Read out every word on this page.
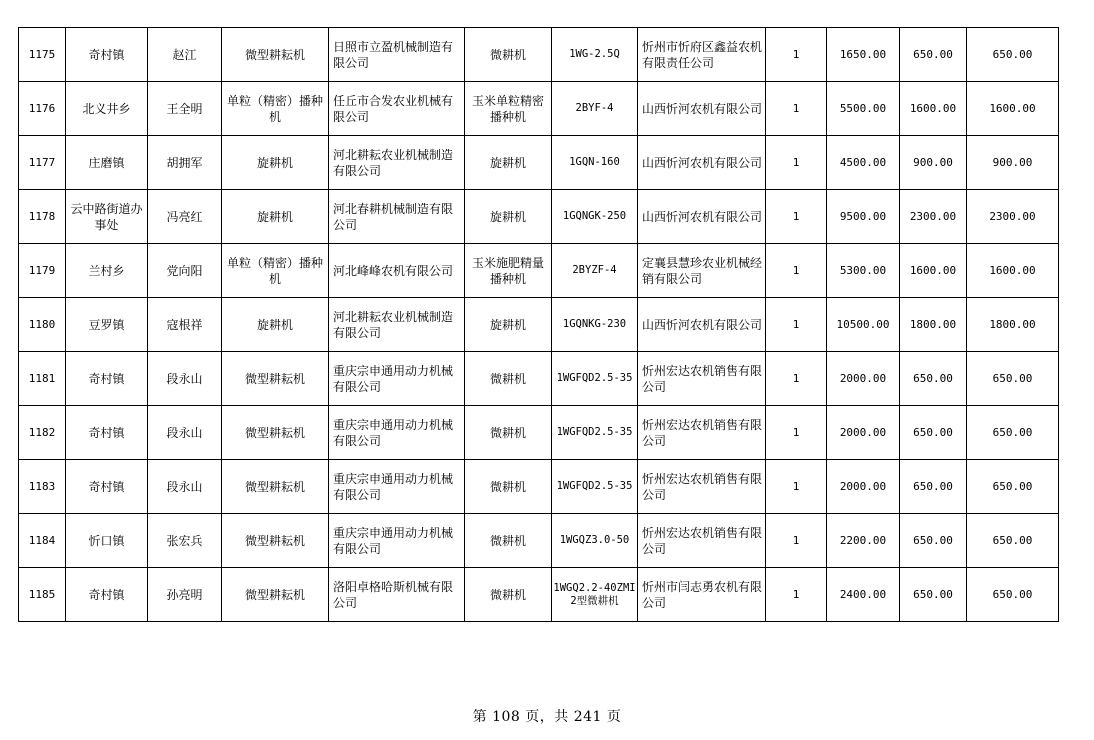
1175	奇村镇	赵江	微型耕耘机	日照市立盈机械制造有限公司	微耕机	1WG-2.5Q	忻州市忻府区鑫益农机有限责任公司	1	1650.00	650.00	650.00
1176	北义井乡	王全明	单粒（精密）播种机	任丘市合发农业机械有限公司	玉米单粒精密播种机	2BYF-4	山西忻河农机有限公司	1	5500.00	1600.00	1600.00
1177	庄磨镇	胡拥军	旋耕机	河北耕耘农业机械制造有限公司	旋耕机	1GQN-160	山西忻河农机有限公司	1	4500.00	900.00	900.00
1178	云中路街道办事处	冯亮红	旋耕机	河北春耕机械制造有限公司	旋耕机	1GQNGK-250	山西忻河农机有限公司	1	9500.00	2300.00	2300.00
1179	兰村乡	党向阳	单粒（精密）播种机	河北峰峰农机有限公司	玉米施肥精量播种机	2BYZF-4	定襄县慧珍农业机械经销有限公司	1	5300.00	1600.00	1600.00
1180	豆罗镇	寇根祥	旋耕机	河北耕耘农业机械制造有限公司	旋耕机	1GQNKG-230	山西忻河农机有限公司	1	10500.00	1800.00	1800.00
1181	奇村镇	段永山	微型耕耘机	重庆宗申通用动力机械有限公司	微耕机	1WGFQD2.5-35	忻州宏达农机销售有限公司	1	2000.00	650.00	650.00
1182	奇村镇	段永山	微型耕耘机	重庆宗申通用动力机械有限公司	微耕机	1WGFQD2.5-35	忻州宏达农机销售有限公司	1	2000.00	650.00	650.00
1183	奇村镇	段永山	微型耕耘机	重庆宗申通用动力机械有限公司	微耕机	1WGFQD2.5-35	忻州宏达农机销售有限公司	1	2000.00	650.00	650.00
1184	忻口镇	张宏兵	微型耕耘机	重庆宗申通用动力机械有限公司	微耕机	1WGQZ3.0-50	忻州宏达农机销售有限公司	1	2200.00	650.00	650.00
1185	奇村镇	孙亮明	微型耕耘机	洛阳卓格哈斯机械有限公司	微耕机	1WGQ2.2-40ZMI2型微耕机	忻州市闫志勇农机有限公司	1	2400.00	650.00	650.00
第 108 页，共 241 页
